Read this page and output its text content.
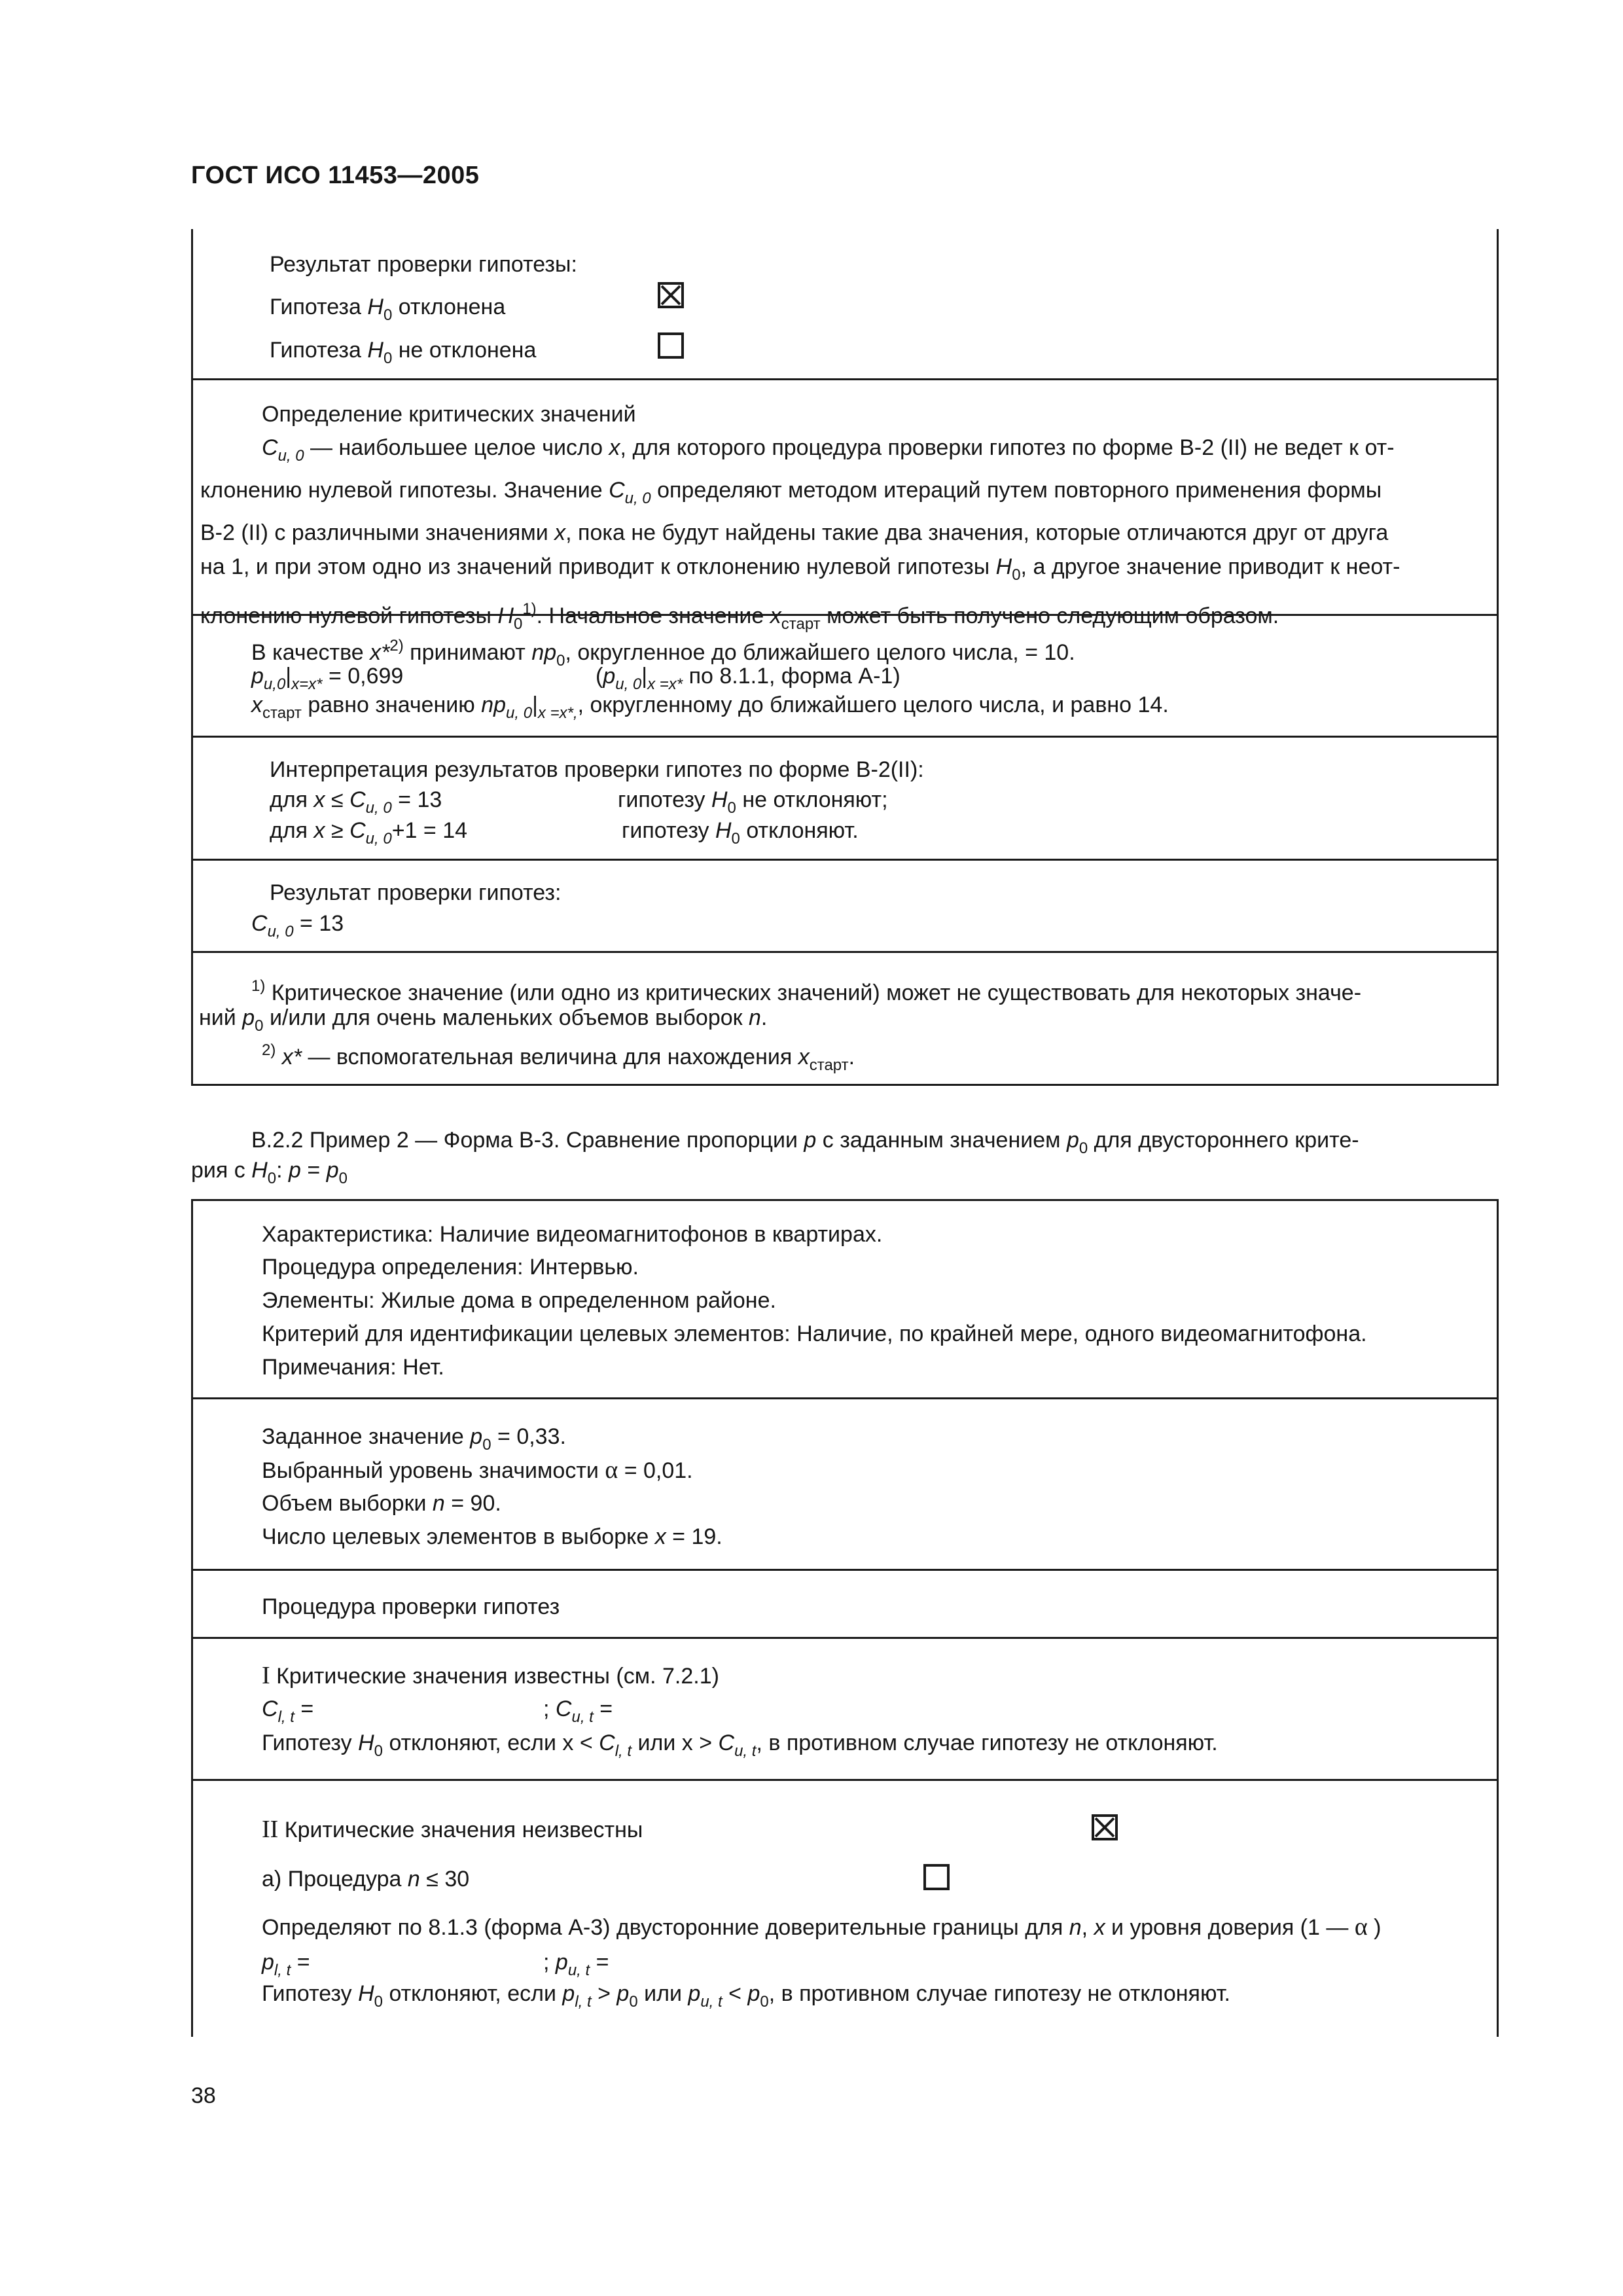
ГОСТ ИСО 11453—2005
Результат проверки гипотезы:
Гипотеза $H_0$ отклонена
Гипотеза $H_0$ не отклонена
Определение критических значений
$C_{u, 0}$ — наибольшее целое число x, для которого процедура проверки гипотез по форме B-2 (II) не ведет к от-
клонению нулевой гипотезы. Значение $C_{u, 0}$ определяют методом итераций путем повторного применения формы
B-2 (II) с различными значениями x, пока не будут найдены такие два значения, которые отличаются друг от друга
на 1, и при этом одно из значений приводит к отклонению нулевой гипотезы $H_0$, а другое значение приводит к неот-
клонению нулевой гипотезы $H_0^{1)}$. Начальное значение $x_{старт}$ может быть получено следующим образом.
В качестве x*$^{2)}$ принимают $np_0$, округленное до ближайшего целого числа, = 10.
$p_{u,0}|_{x=x*} = 0,699$	($p_{u, 0}|_{x =x*}$ по 8.1.1, форма А-1)
$x_{старт}$ равно значению $np_{u, 0}|_{x =x*,}$, округленному до ближайшего целого числа, и равно 14.
Интерпретация результатов проверки гипотез по форме B-2(II):
для $x \le C_{u, 0} = 13$	гипотезу $H_0$ не отклоняют;
для $x \ge C_{u, 0}+1 = 14$	гипотезу $H_0$ отклоняют.
Результат проверки гипотез:
$C_{u, 0} = 13$
$^{1)}$ Критическое значение (или одно из критических значений) может не существовать для некоторых значе-
ний $p_0$ и/или для очень маленьких объемов выборок n.
$^{2)}$ x* — вспомогательная величина для нахождения $x_{старт}$.
B.2.2 Пример 2 — Форма B-3. Сравнение пропорции p с заданным значением $p_0$ для двустороннего крите-
рия с $H_0$: $p = p_0$
Характеристика: Наличие видеомагнитофонов в квартирах.
Процедура определения: Интервью.
Элементы: Жилые дома в определенном районе.
Критерий для идентификации целевых элементов: Наличие, по крайней мере, одного видеомагнитофона.
Примечания: Нет.
Заданное значение $p_0 = 0,33$.
Выбранный уровень значимости α = 0,01.
Объем выборки n = 90.
Число целевых элементов в выборке x = 19.
Процедура проверки гипотез
I Критические значения известны (см. 7.2.1)
$C_{l, t}$ =	; $C_{u, t}$ =
Гипотезу $H_0$ отклоняют, если $x < C_{l, t}$ или $x > C_{u, t}$, в противном случае гипотезу не отклоняют.
II Критические значения неизвестны
a) Процедура n ≤ 30
Определяют по 8.1.3 (форма А-3) двусторонние доверительные границы для n, x и уровня доверия (1 — α )
$p_{l, t}$ =	; $p_{u, t}$ =
Гипотезу $H_0$ отклоняют, если $p_{l, t} > p_0$ или $p_{u, t} < p_0$, в противном случае гипотезу не отклоняют.
38
